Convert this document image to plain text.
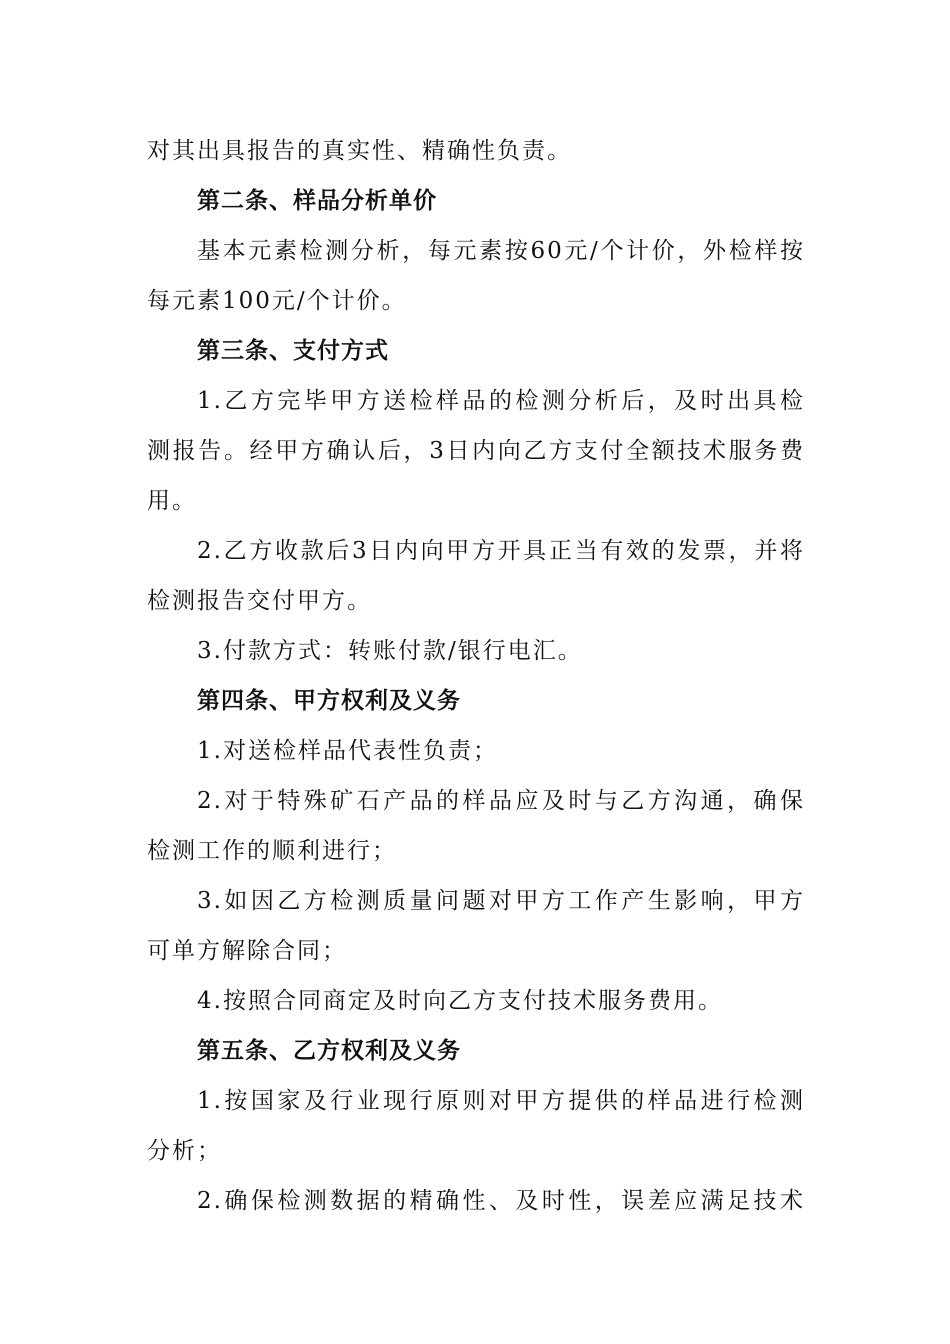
对其出具报告的真实性、精确性负责。
第二条、样品分析单价
基本元素检测分析，每元素按60元/个计价，外检样按
每元素100元/个计价。
第三条、支付方式
1.乙方完毕甲方送检样品的检测分析后，及时出具检
测报告。经甲方确认后，3日内向乙方支付全额技术服务费
用。
2.乙方收款后3日内向甲方开具正当有效的发票，并将
检测报告交付甲方。
3.付款方式：转账付款/银行电汇。
第四条、甲方权利及义务
1.对送检样品代表性负责；
2.对于特殊矿石产品的样品应及时与乙方沟通，确保
检测工作的顺利进行；
3.如因乙方检测质量问题对甲方工作产生影响，甲方
可单方解除合同；
4.按照合同商定及时向乙方支付技术服务费用。
第五条、乙方权利及义务
1.按国家及行业现行原则对甲方提供的样品进行检测
分析；
2.确保检测数据的精确性、及时性，误差应满足技术
